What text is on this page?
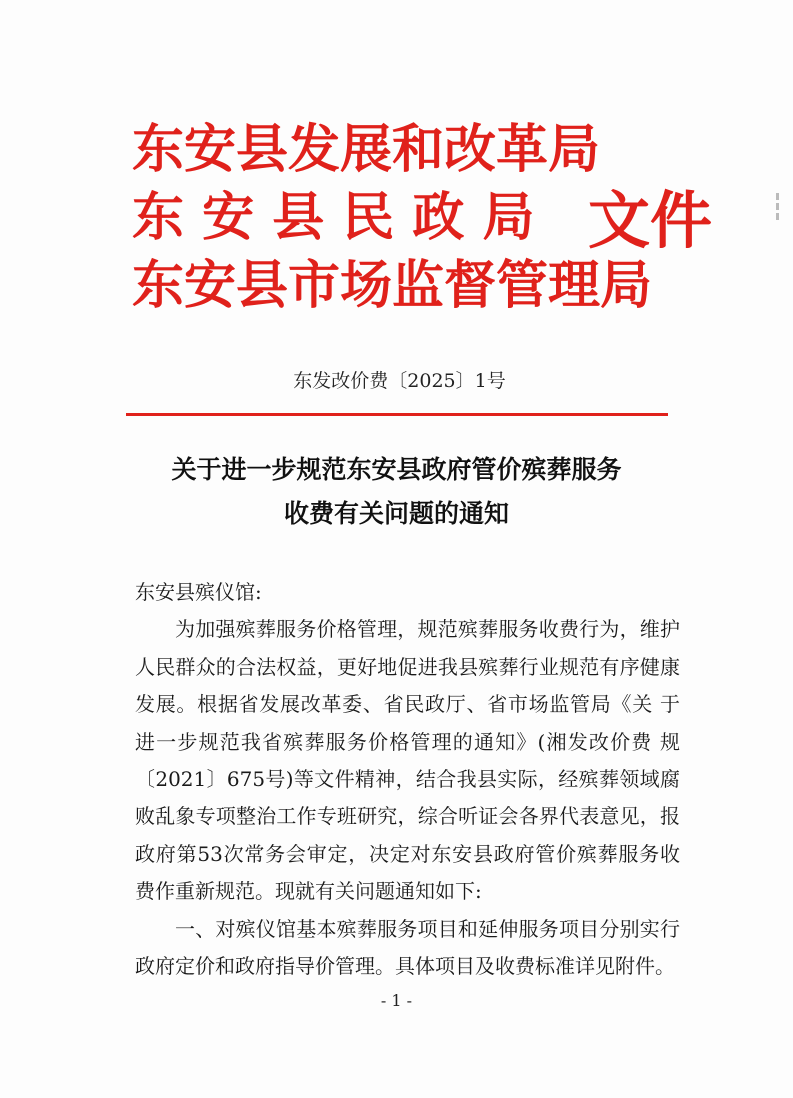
东安县发展和改革局
东 安 县 民 政 局
东安县市场监督管理局
文件
东发改价费〔2025〕1号
关于进一步规范东安县政府管价殡葬服务
收费有关问题的通知

东安县殡仪馆:

为加强殡葬服务价格管理，规范殡葬服务收费行为，维护人民群众的合法权益，更好地促进我县殡葬行业规范有序健康发展。根据省发展改革委、省民政厅、省市场监管局《关 于进一步规范我省殡葬服务价格管理的通知》(湘发改价费 规〔2021〕675号)等文件精神，结合我县实际，经殡葬领域腐败乱象专项整治工作专班研究，综合听证会各界代表意见，报政府第53次常务会审定，决定对东安县政府管价殡葬服务收费作重新规范。现就有关问题通知如下:

一、对殡仪馆基本殡葬服务项目和延伸服务项目分别实行政府定价和政府指导价管理。具体项目及收费标准详见附件。

- 1 -
